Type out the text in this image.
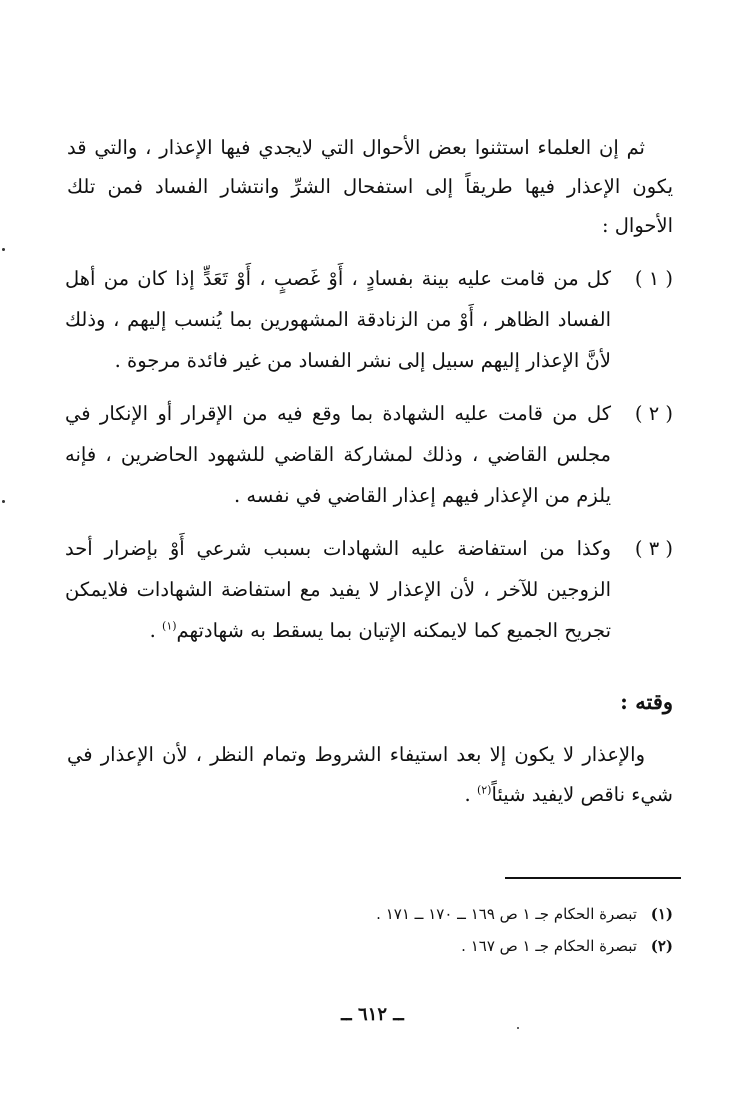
ثم إن العلماء استثنوا بعض الأحوال التي لايجدي فيها الإعذار ، والتي قد يكون الإعذار فيها طريقاً إلى استفحال الشرِّ وانتشار الفساد فمن تلك الأحوال :

( ١ )
كل من قامت عليه بينة بفسادٍ ، أَوْ غَصبٍ ، أَوْ تَعَدٍّ إذا كان من أهل الفساد الظاهر ، أَوْ من الزنادقة المشهورين بما يُنسب إليهم ، وذلك لأنَّ الإعذار إليهم سبيل إلى نشر الفساد من غير فائدة مرجوة .
( ٢ )
كل من قامت عليه الشهادة بما وقع فيه من الإقرار أو الإنكار في مجلس القاضي ، وذلك لمشاركة القاضي للشهود الحاضرين ، فإنه يلزم من الإعذار فيهم إعذار القاضي في نفسه .
( ٣ )
وكذا من استفاضة عليه الشهادات بسبب شرعي أَوْ بإضرار أحد الزوجين للآخر ، لأن الإعذار لا يفيد مع استفاضة الشهادات فلايمكن تجريح الجميع كما لايمكنه الإتيان بما يسقط به شهادتهم$^{(١)}$ .
وقته :

والإعذار لا يكون إلا بعد استيفاء الشروط وتمام النظر ، لأن الإعذار في شيء ناقص لايفيد شيئاً$^{(٢)}$ .

(١)تبصرة الحكام جـ ١ ص ١٦٩ ــ ١٧٠ ــ ١٧١ .
(٢)تبصرة الحكام جـ ١ ص ١٦٧ .
ــ ٦١٢ ــ
